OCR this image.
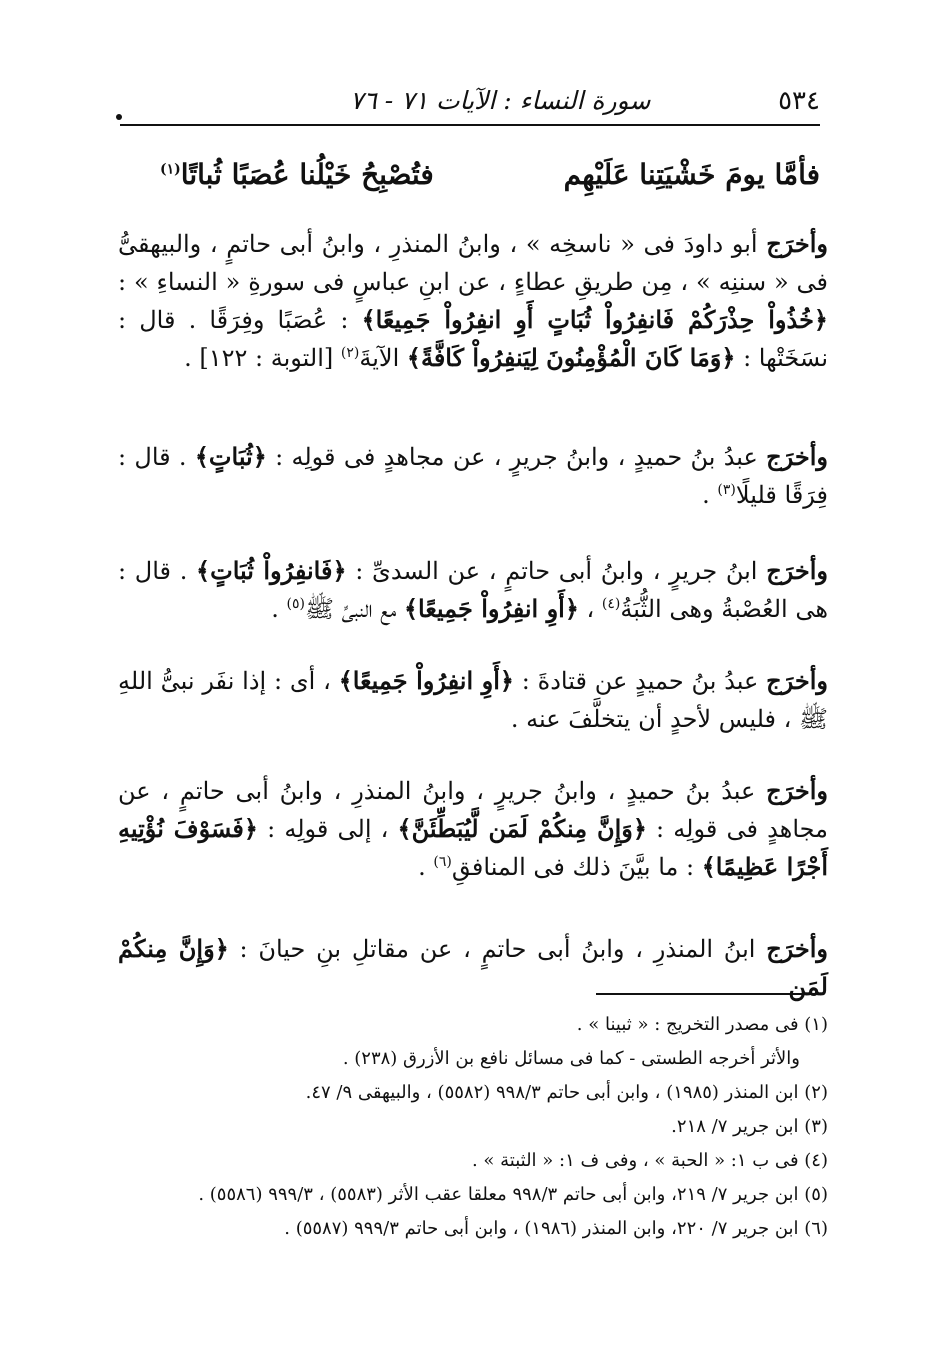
٥٣٤
سورة النساء : الآيات ٧١ - ٧٦
فأمَّا يومَ خَشْيَتِنا عَلَيْهِم
فتُصْبِحُ خَيْلُنا عُصَبًا ثُباتًا$^{(١)}$
وأخرَج أبو داودَ فى « ناسخِه » ، وابنُ المنذرِ ، وابنُ أبى حاتمٍ ، والبيهقىُّ فى « سننِه » ، مِن طريقِ عطاءٍ ، عن ابنِ عباسٍ فى سورةِ « النساءِ » : ﴿خُذُواْ حِذْرَكُمْ فَانفِرُواْ ثُبَاتٍ أَوِ انفِرُواْ جَمِيعًا﴾ : عُصَبًا وفِرَقًا . قال : نسَخَتْها : ﴿وَمَا كَانَ الْمُؤْمِنُونَ لِيَنفِرُواْ كَافَّةً﴾ الآيةَ$^{(٢)}$ [التوبة : ١٢٢] .
وأخرَج عبدُ بنُ حميدٍ ، وابنُ جريرٍ ، عن مجاهدٍ فى قولِه : ﴿ثُبَاتٍ﴾ . قال : فِرَقًا قليلًا$^{(٣)}$ .
وأخرَج ابنُ جريرٍ ، وابنُ أبى حاتمٍ ، عن السدىِّ : ﴿فَانفِرُواْ ثُبَاتٍ﴾ . قال : هى العُصْبةُ وهى الثُّبَةُ$^{(٤)}$ ، ﴿أَوِ انفِرُواْ جَمِيعًا﴾ مع النبىِّ ﷺ$^{(٥)}$ .
وأخرَج عبدُ بنُ حميدٍ عن قتادةَ : ﴿أَوِ انفِرُواْ جَمِيعًا﴾ ، أى : إذا نفَر نبىُّ اللهِ ﷺ ، فليس لأحدٍ أن يتخلَّفَ عنه .
وأخرَج عبدُ بنُ حميدٍ ، وابنُ جريرٍ ، وابنُ المنذرِ ، وابنُ أبى حاتمٍ ، عن مجاهدٍ فى قولِه : ﴿وَإِنَّ مِنكُمْ لَمَن لَّيُبَطِّئَنَّ﴾ ، إلى قولِه : ﴿فَسَوْفَ نُؤْتِيهِ أَجْرًا عَظِيمًا﴾ : ما بيَّنَ ذلك فى المنافقِ$^{(٦)}$ .
وأخرَج ابنُ المنذرِ ، وابنُ أبى حاتمٍ ، عن مقاتلِ بنِ حيانَ : ﴿وَإِنَّ مِنكُمْ لَمَن
(١) فى مصدر التخريج : « ثبينا » .
والأثر أخرجه الطستى - كما فى مسائل نافع بن الأزرق (٢٣٨) .
(٢) ابن المنذر (١٩٨٥) ، وابن أبى حاتم ٩٩٨/٣ (٥٥٨٢) ، والبيهقى ٩/ ٤٧.
(٣) ابن جرير ٧/ ٢١٨.
(٤) فى ب ١: « الحبة » ، وفى ف ١: « الثبتة » .
(٥) ابن جرير ٧/ ٢١٩، وابن أبى حاتم ٩٩٨/٣ معلقا عقب الأثر (٥٥٨٣) ، ٩٩٩/٣ (٥٥٨٦) .
(٦) ابن جرير ٧/ ٢٢٠، وابن المنذر (١٩٨٦) ، وابن أبى حاتم ٩٩٩/٣ (٥٥٨٧) .
